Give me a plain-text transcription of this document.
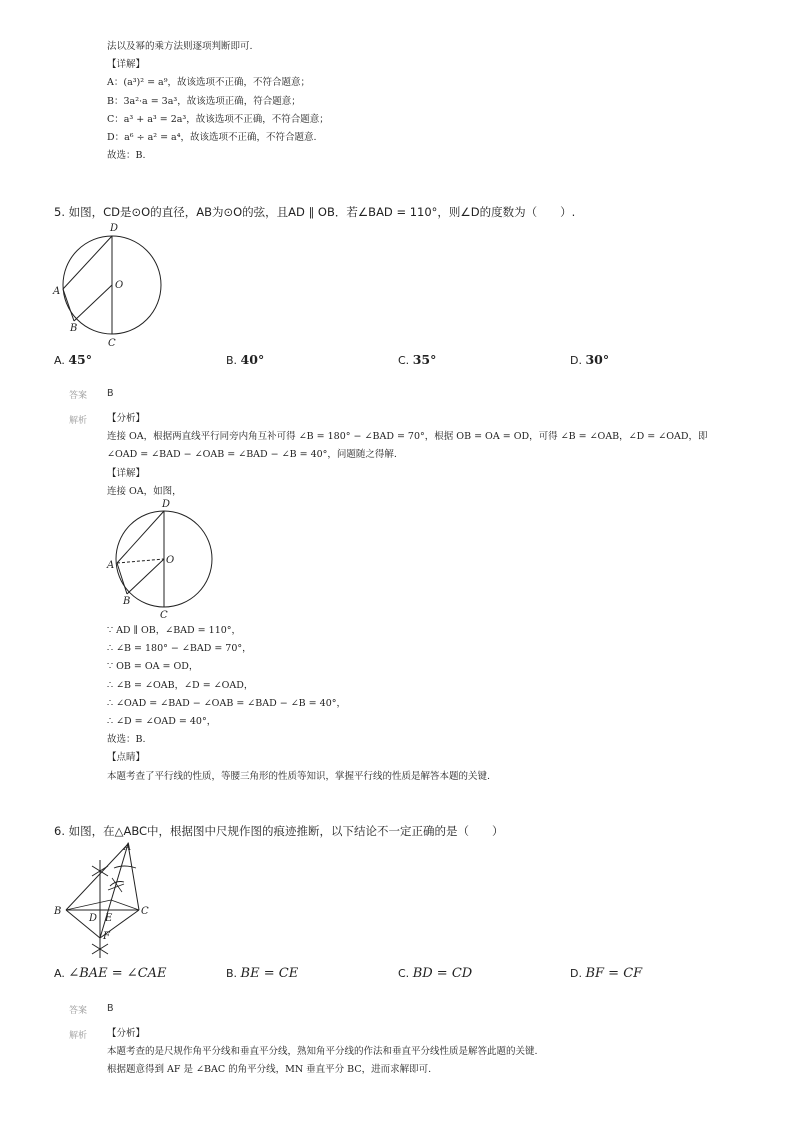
法以及幂的乘方法则逐项判断即可.
【详解】
A：(a³)² = a⁹，故该选项不正确，不符合题意；
B：3a²·a = 3a³，故该选项正确，符合题意；
C：a³ + a³ = 2a³，故该选项不正确，不符合题意；
D：a⁶ ÷ a² = a⁴，故该选项不正确，不符合题意.
故选：B.
5. 如图，CD是⊙O的直径，AB为⊙O的弦，且AD ∥ OB．若∠BAD = 110°，则∠D的度数为（　　）.
D
O
A
B
C
A. 45°	B. 40°	C. 35°	D. 30°
答案 B
解析 【分析】
连接 OA，根据两直线平行同旁内角互补可得 ∠B = 180° − ∠BAD = 70°，根据 OB = OA = OD，可得 ∠B = ∠OAB，∠D = ∠OAD，即
∠OAD = ∠BAD − ∠OAB = ∠BAD − ∠B = 40°，问题随之得解.
【详解】
连接 OA，如图，
D
O
A
B
C
∵ AD ∥ OB，∠BAD = 110°，
∴ ∠B = 180° − ∠BAD = 70°，
∵ OB = OA = OD，
∴ ∠B = ∠OAB，∠D = ∠OAD，
∴ ∠OAD = ∠BAD − ∠OAB = ∠BAD − ∠B = 40°，
∴ ∠D = ∠OAD = 40°，
故选：B.
【点睛】
本题考查了平行线的性质，等腰三角形的性质等知识，掌握平行线的性质是解答本题的关键.
6. 如图，在△ABC中，根据图中尺规作图的痕迹推断，以下结论不一定正确的是（　　）
A
B	C
D E
F
A. ∠BAE = ∠CAE	B. BE = CE	C. BD = CD	D. BF = CF
答案 B
解析 【分析】
本题考查的是尺规作角平分线和垂直平分线，熟知角平分线的作法和垂直平分线性质是解答此题的关键.
根据题意得到 AF 是 ∠BAC 的角平分线，MN 垂直平分 BC，进而求解即可.
